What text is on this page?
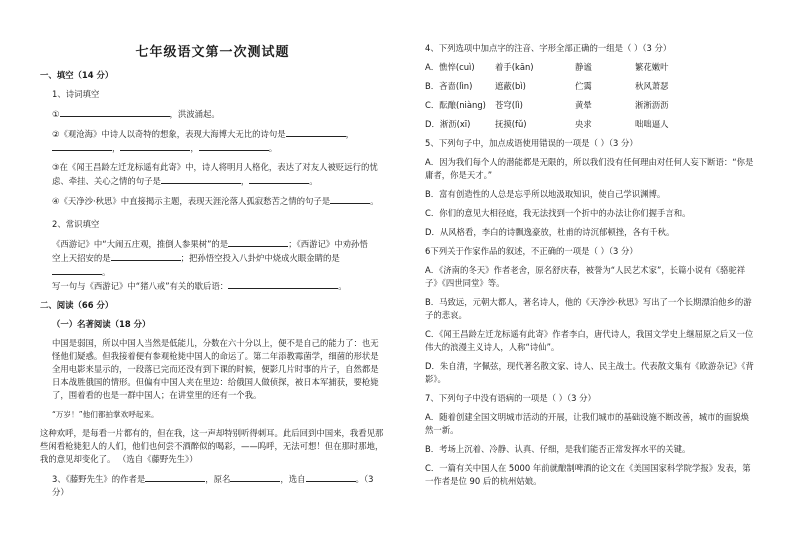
七年级语文第一次测试题
一、填空（14 分）
1、诗词填空
①	，洪波涌起。
②《观沧海》中诗人以奇特的想象，表现大海博大无比的诗句是	，
，	，	。
③在《闻王昌龄左迁龙标遥有此寄》中，诗人将明月人格化，表达了对友人被贬远行的忧
虑、牵挂、关心之情的句子是	，	。
④《天净沙·秋思》中直接揭示主题，表现天涯沦落人孤寂愁苦之情的句子是	。
2、常识填空
《西游记》中“大闹五庄观，推倒人参果树”的是	；《西游记》中劝孙悟
空上天招安的是	；把孙悟空投入八卦炉中烧成火眼金睛的是。
写一句与《西游记》中“猪八戒”有关的歇后语：	。
二、阅读（66 分）
（一）名著阅读（18 分）
中国是弱国，所以中国人当然是低能儿，分数在六十分以上，便不是自己的能力了：也无怪他们疑惑。但我接着便有参观枪毙中国人的命运了。第二年添教霉菌学，细菌的形状是全用电影来显示的，一段落已完而还没有到下课的时候，便影几片时事的片子，自然都是日本战胜俄国的情形。但偏有中国人夹在里边：给俄国人做侦探，被日本军捕获，要枪毙了，围着看的也是一群中国人；在讲堂里的还有一个我。
“万岁！”他们都拍掌欢呼起来。
这种欢呼，是每看一片都有的，但在我，这一声却特别听得刺耳。此后回到中国来，我看见那些闲看枪毙犯人的人们，他们也何尝不酒醉似的喝彩，——呜呼，无法可想！但在那时那地，我的意见却变化了。 （选自《藤野先生》）
3、《藤野先生》的作者是	，原名	，选自	。（3分）
4、下列选项中加点字的注音、字形全部正确的一组是（ ）（3 分）
A．憔悴(cuì)	着手(kān)	静谧	繁花嫩叶
B．吝啬(lìn)	遮蔽(bì)	伫霭	秋风萧瑟
C．酝酿(niàng)	苍穹(lì)	黄晕	淅淅沥沥
D．淅沥(xī)	抚摸(fǔ)	央求	咄咄逼人
5、下列句子中，加点成语使用错误的一项是（ ）（3 分）
A．因为我们每个人的潜能都是无限的，所以我们没有任何理由对任何人妄下断语：“你是庸者，你是天才。”
B．富有创造性的人总是忘乎所以地汲取知识，使自己学识渊博。
C．你们的意见大相径庭，我无法找到一个折中的办法让你们握手言和。
D．从风格看，李白的诗飘逸豪放，杜甫的诗沉郁顿挫，各有千秋。
6下列关于作家作品的叙述，不正确的一项是（ ）（3 分）
A．《济南的冬天》作者老舍，原名舒庆春，被誉为“人民艺术家”，长篇小说有《骆驼祥子》《四世同堂》等。
B．马致远，元朝大都人，著名诗人，他的《天净沙·秋思》写出了一个长期漂泊他乡的游子的悲哀。
C．《闻王昌龄左迁龙标遥有此寄》作者李白，唐代诗人，我国文学史上继屈原之后又一位伟大的浪漫主义诗人，人称“诗仙”。
D．朱自清，字佩弦，现代著名散文家、诗人、民主战士。代表散文集有《欧游杂记》《背影》。
7、下列句子中没有语病的一项是（ ）（3 分）
A．随着创建全国文明城市活动的开展，让我们城市的基础设施不断改善，城市的面貌焕然一新。
B．考场上沉着、冷静、认真、仔细，是我们能否正常发挥水平的关键。
C．一篇有关中国人在 5000 年前就酿制啤酒的论文在《美国国家科学院学报》发表，第一作者是位 90 后的杭州姑娘。
